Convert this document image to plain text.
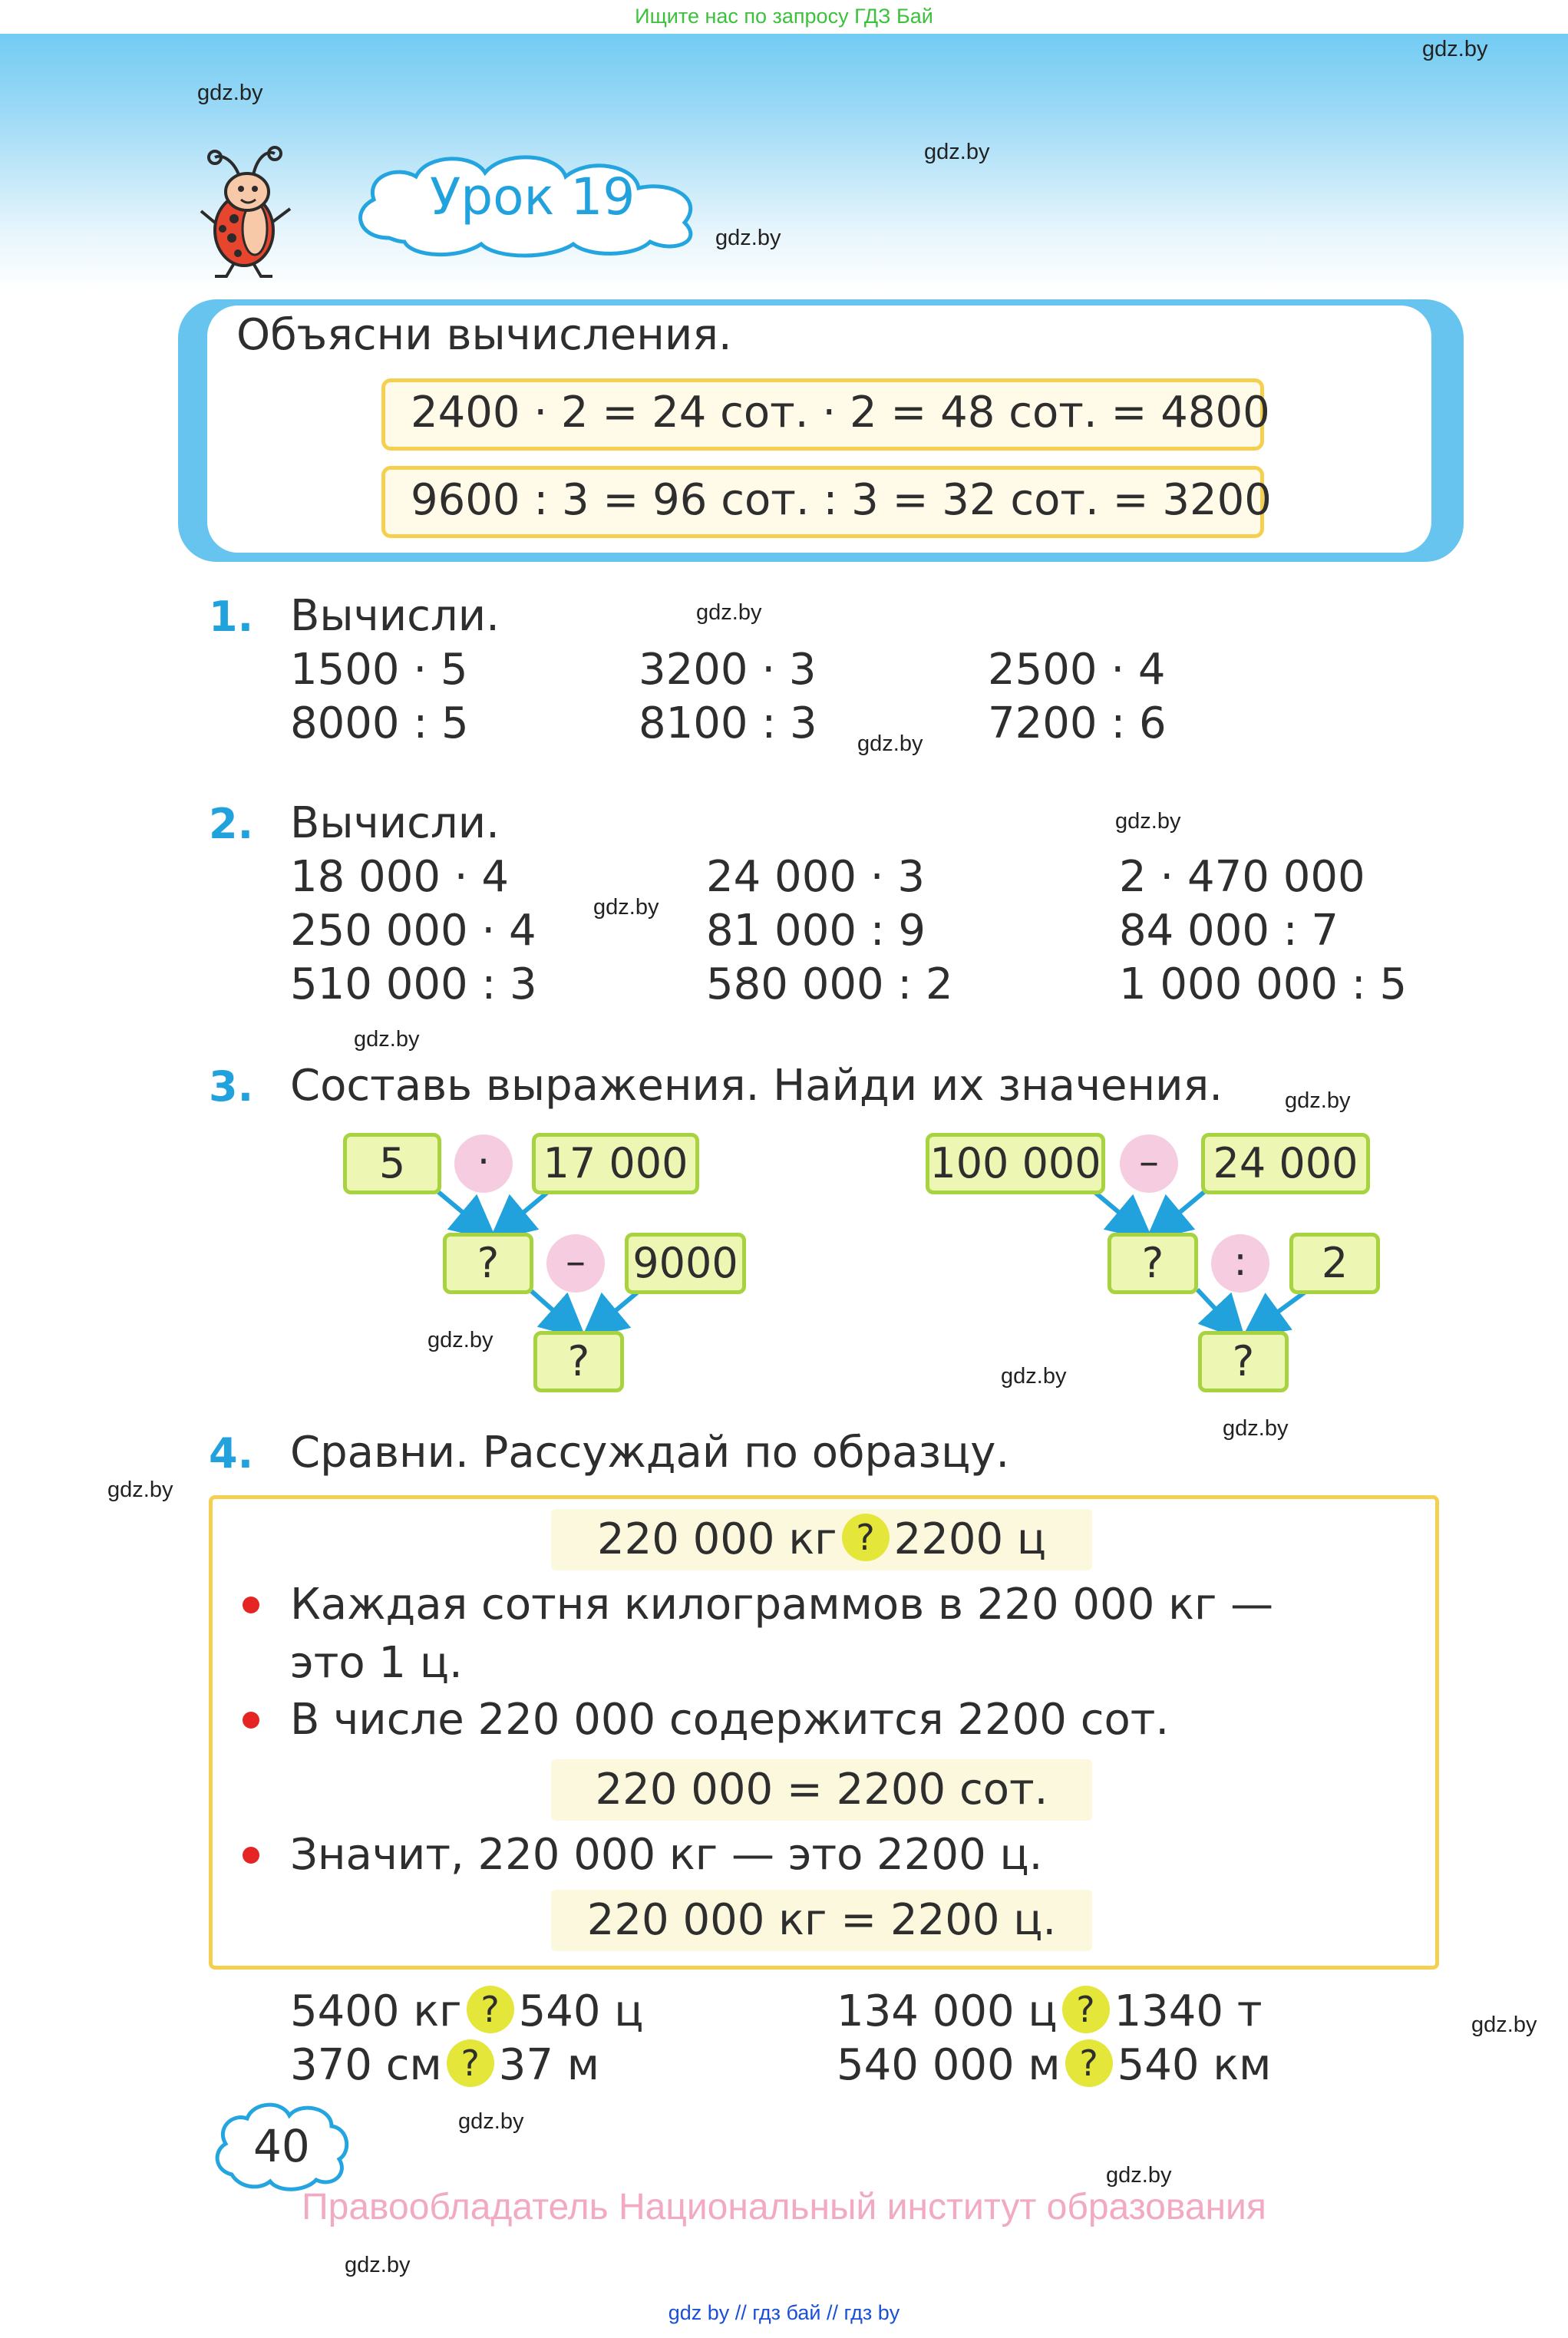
Ищите нас по запросу ГДЗ Бай
gdz.by
gdz.by
gdz.by
gdz.by
gdz.by
gdz.by
gdz.by
gdz.by
gdz.by
gdz.by
gdz.by
gdz.by
gdz.by
gdz.by
gdz.by
gdz.by
gdz.by
gdz.by
Урок 19
Объясни вычисления.
2400 · 2 = 24 сот. · 2 = 48 сот. = 4800
9600 : 3 = 96 сот. : 3 = 32 сот. = 3200
1. Вычисли.
1500 · 5	3200 · 3	2500 · 4
8000 : 5	8100 : 3	7200 : 6
2. Вычисли.
18 000 · 4	24 000 · 3	2 · 470 000
250 000 · 4	81 000 : 9	84 000 : 7
510 000 : 3	580 000 : 2	1 000 000 : 5
3. Составь выражения. Найди их значения.
5	·	17 000
?	–	9000
?
100 000 –	24 000
?	:	2
?
4. Сравни. Рассуждай по образцу.
220 000 кг ? 2200 ц
Каждая сотня килограммов в 220 000 кг —
это 1 ц.
В числе 220 000 содержится 2200 сот.
220 000 = 2200 сот.
Значит, 220 000 кг — это 2200 ц.
220 000 кг = 2200 ц.
5400 кг ? 540 ц	134 000 ц ? 1340 т
370 см ? 37 м	540 000 м ? 540 км
40
Правообладатель Национальный институт образования
gdz by // гдз бай // гдз by
